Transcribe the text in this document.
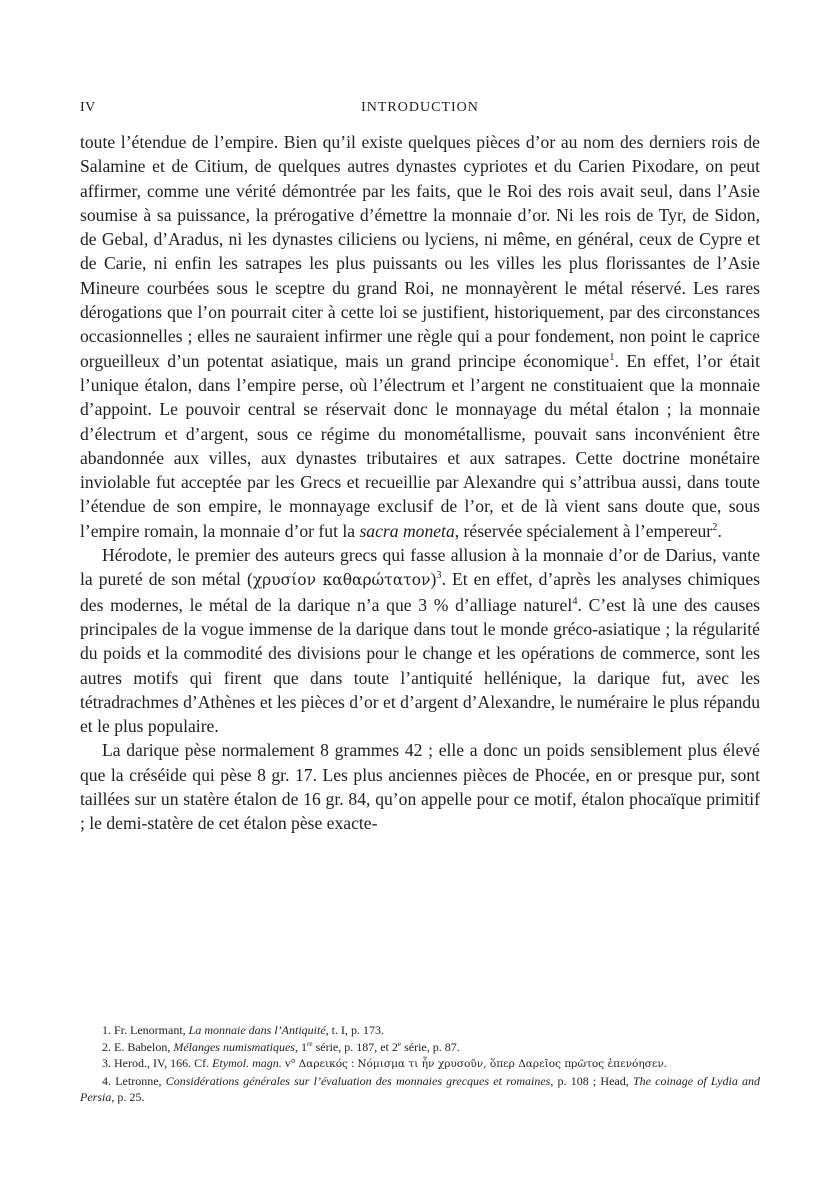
IV	INTRODUCTION

toute l’étendue de l’empire. Bien qu’il existe quelques pièces d’or au nom des derniers rois de Salamine et de Citium, de quelques autres dynastes cypriotes et du Carien Pixodare, on peut affirmer, comme une vérité démontrée par les faits, que le Roi des rois avait seul, dans l’Asie soumise à sa puissance, la prérogative d’émettre la monnaie d’or. Ni les rois de Tyr, de Sidon, de Gebal, d’Aradus, ni les dynastes ciliciens ou lyciens, ni même, en général, ceux de Cypre et de Carie, ni enfin les satrapes les plus puissants ou les villes les plus florissantes de l’Asie Mineure courbées sous le sceptre du grand Roi, ne monnayèrent le métal réservé. Les rares dérogations que l’on pourrait citer à cette loi se justifient, historiquement, par des circonstances occasionnelles ; elles ne sauraient infirmer une règle qui a pour fondement, non point le caprice orgueilleux d’un potentat asiatique, mais un grand principe économique$^1$. En effet, l’or était l’unique étalon, dans l’empire perse, où l’électrum et l’argent ne constituaient que la monnaie d’appoint. Le pouvoir central se réservait donc le monnayage du métal étalon ; la monnaie d’électrum et d’argent, sous ce régime du monométallisme, pouvait sans inconvénient être abandonnée aux villes, aux dynastes tributaires et aux satrapes. Cette doctrine monétaire inviolable fut acceptée par les Grecs et recueillie par Alexandre qui s’attribua aussi, dans toute l’étendue de son empire, le monnayage exclusif de l’or, et de là vient sans doute que, sous l’empire romain, la monnaie d’or fut la sacra moneta, réservée spécialement à l’empereur$^2$.

Hérodote, le premier des auteurs grecs qui fasse allusion à la monnaie d’or de Darius, vante la pureté de son métal (χρυσίον καθαρώτατον)$^3$. Et en effet, d’après les analyses chimiques des modernes, le métal de la darique n’a que 3 % d’alliage naturel$^4$. C’est là une des causes principales de la vogue immense de la darique dans tout le monde gréco-asiatique ; la régularité du poids et la commodité des divisions pour le change et les opérations de commerce, sont les autres motifs qui firent que dans toute l’antiquité hellénique, la darique fut, avec les tétradrachmes d’Athènes et les pièces d’or et d’argent d’Alexandre, le numéraire le plus répandu et le plus populaire.

La darique pèse normalement 8 grammes 42 ; elle a donc un poids sensiblement plus élevé que la créséide qui pèse 8 gr. 17. Les plus anciennes pièces de Phocée, en or presque pur, sont taillées sur un statère étalon de 16 gr. 84, qu’on appelle pour ce motif, étalon phocaïque primitif ; le demi-statère de cet étalon pèse exacte-

1. Fr. Lenormant, La monnaie dans l’Antiquité, t. I, p. 173.

2. E. Babelon, Mélanges numismatiques, 1re série, p. 187, et 2e série, p. 87.

3. Herod., IV, 166. Cf. Etymol. magn. v° Δαρεικός : Νόμισμα τι ἦν χρυσοῦν, ὅπερ Δαρεῖος πρῶτος ἐπενόησεν.

4. Letronne, Considérations générales sur l’évaluation des monnaies grecques et romaines, p. 108 ; Head, The coinage of Lydia and Persia, p. 25.
